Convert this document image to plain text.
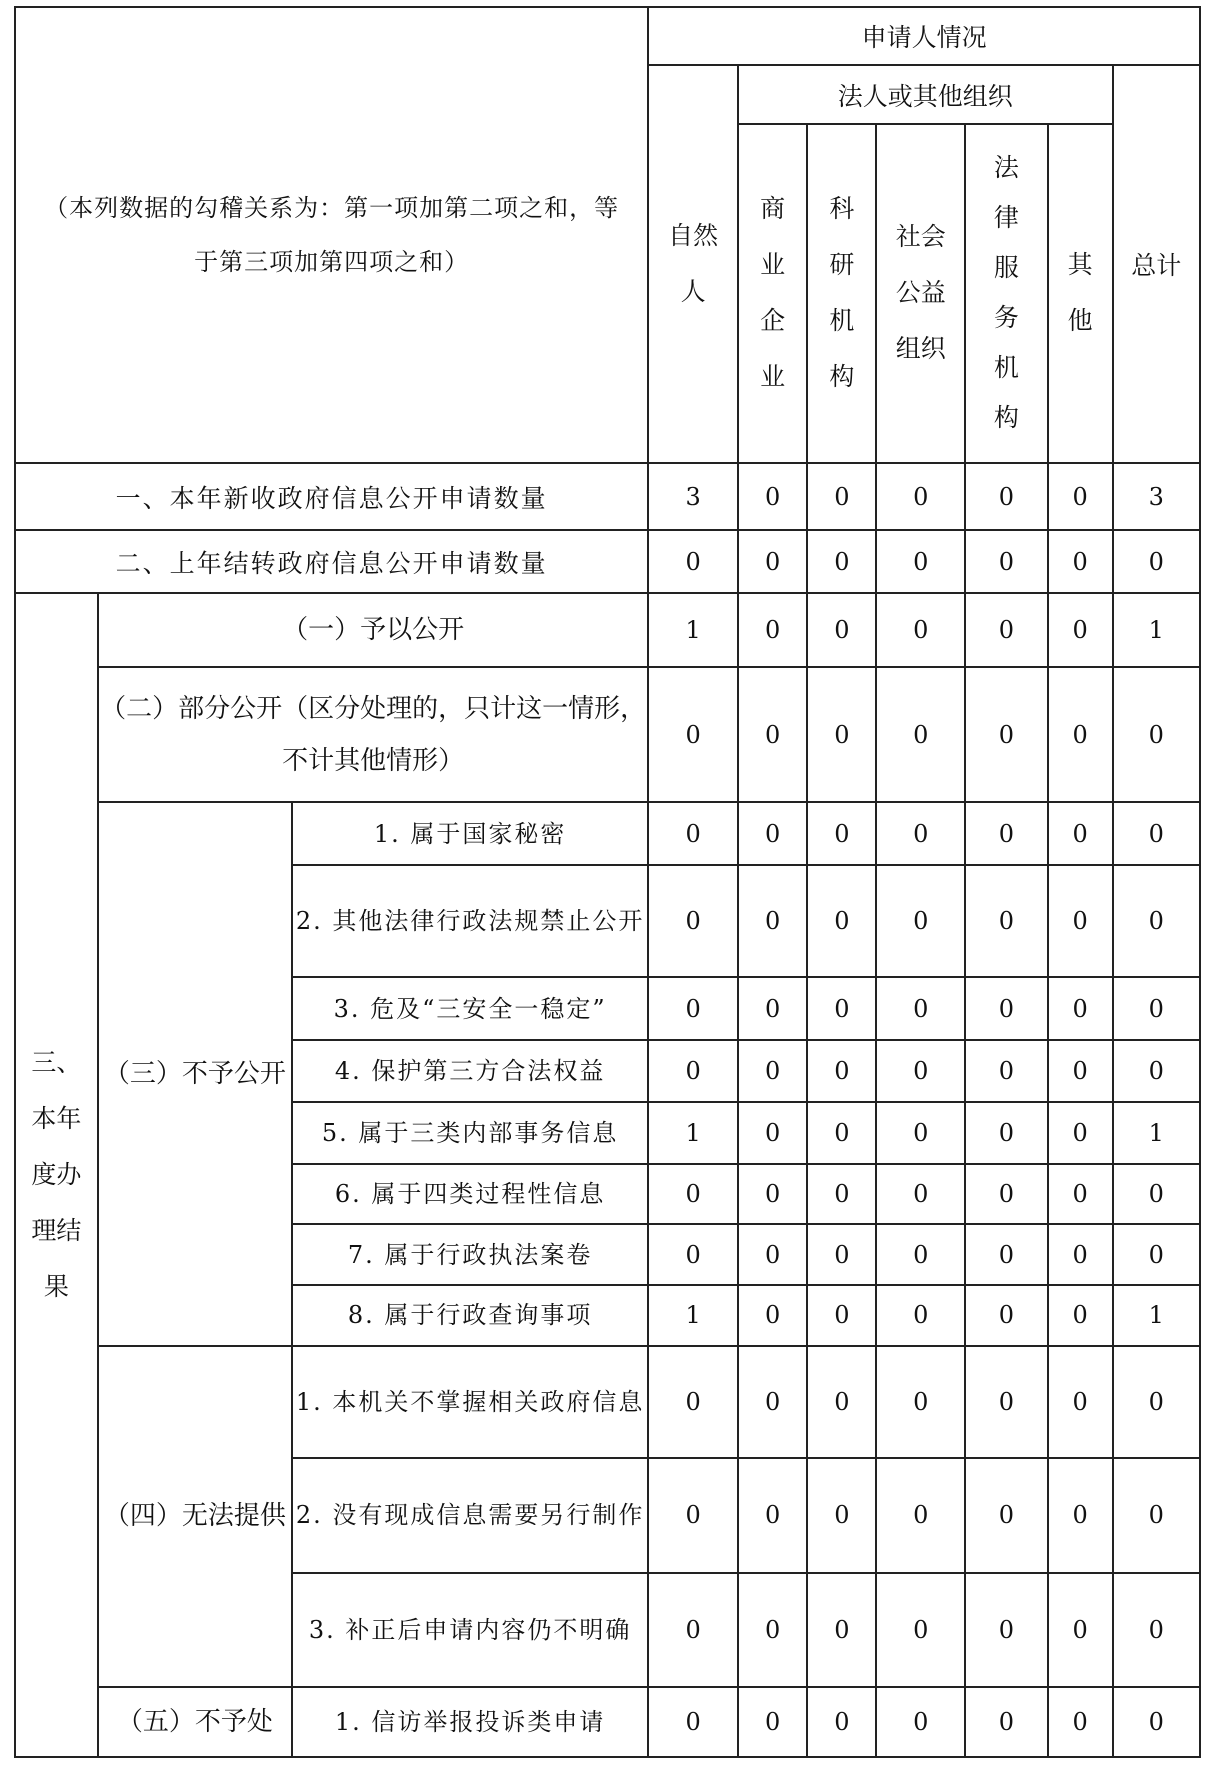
（本列数据的勾稽关系为：第一项加第二项之和，等于第三项加第四项之和）			申请人情况						

			自然人	法人或其他组织					总计

				商业企业	科研机构	社会公益组织	法律服务机构	其他	

一、本年新收政府信息公开申请数量			3	0	0	0	0	0	3
二、上年结转政府信息公开申请数量			0	0	0	0	0	0	0

三、本年度办理结果	（一）予以公开		1	0	0	0	0	0	1
	（二）部分公开（区分处理的，只计这一情形，不计其他情形）		0	0	0	0	0	0	0
	（三）不予公开	1. 属于国家秘密	0	0	0	0	0	0	0
		2. 其他法律行政法规禁止公开	0	0	0	0	0	0	0
		3. 危及“三安全一稳定”	0	0	0	0	0	0	0
		4. 保护第三方合法权益	0	0	0	0	0	0	0
		5. 属于三类内部事务信息	1	0	0	0	0	0	1
		6. 属于四类过程性信息	0	0	0	0	0	0	0
		7. 属于行政执法案卷	0	0	0	0	0	0	0
		8. 属于行政查询事项	1	0	0	0	0	0	1
	（四）无法提供	1. 本机关不掌握相关政府信息	0	0	0	0	0	0	0
		2. 没有现成信息需要另行制作	0	0	0	0	0	0	0
		3. 补正后申请内容仍不明确	0	0	0	0	0	0	0
	（五）不予处	1. 信访举报投诉类申请	0	0	0	0	0	0	0
